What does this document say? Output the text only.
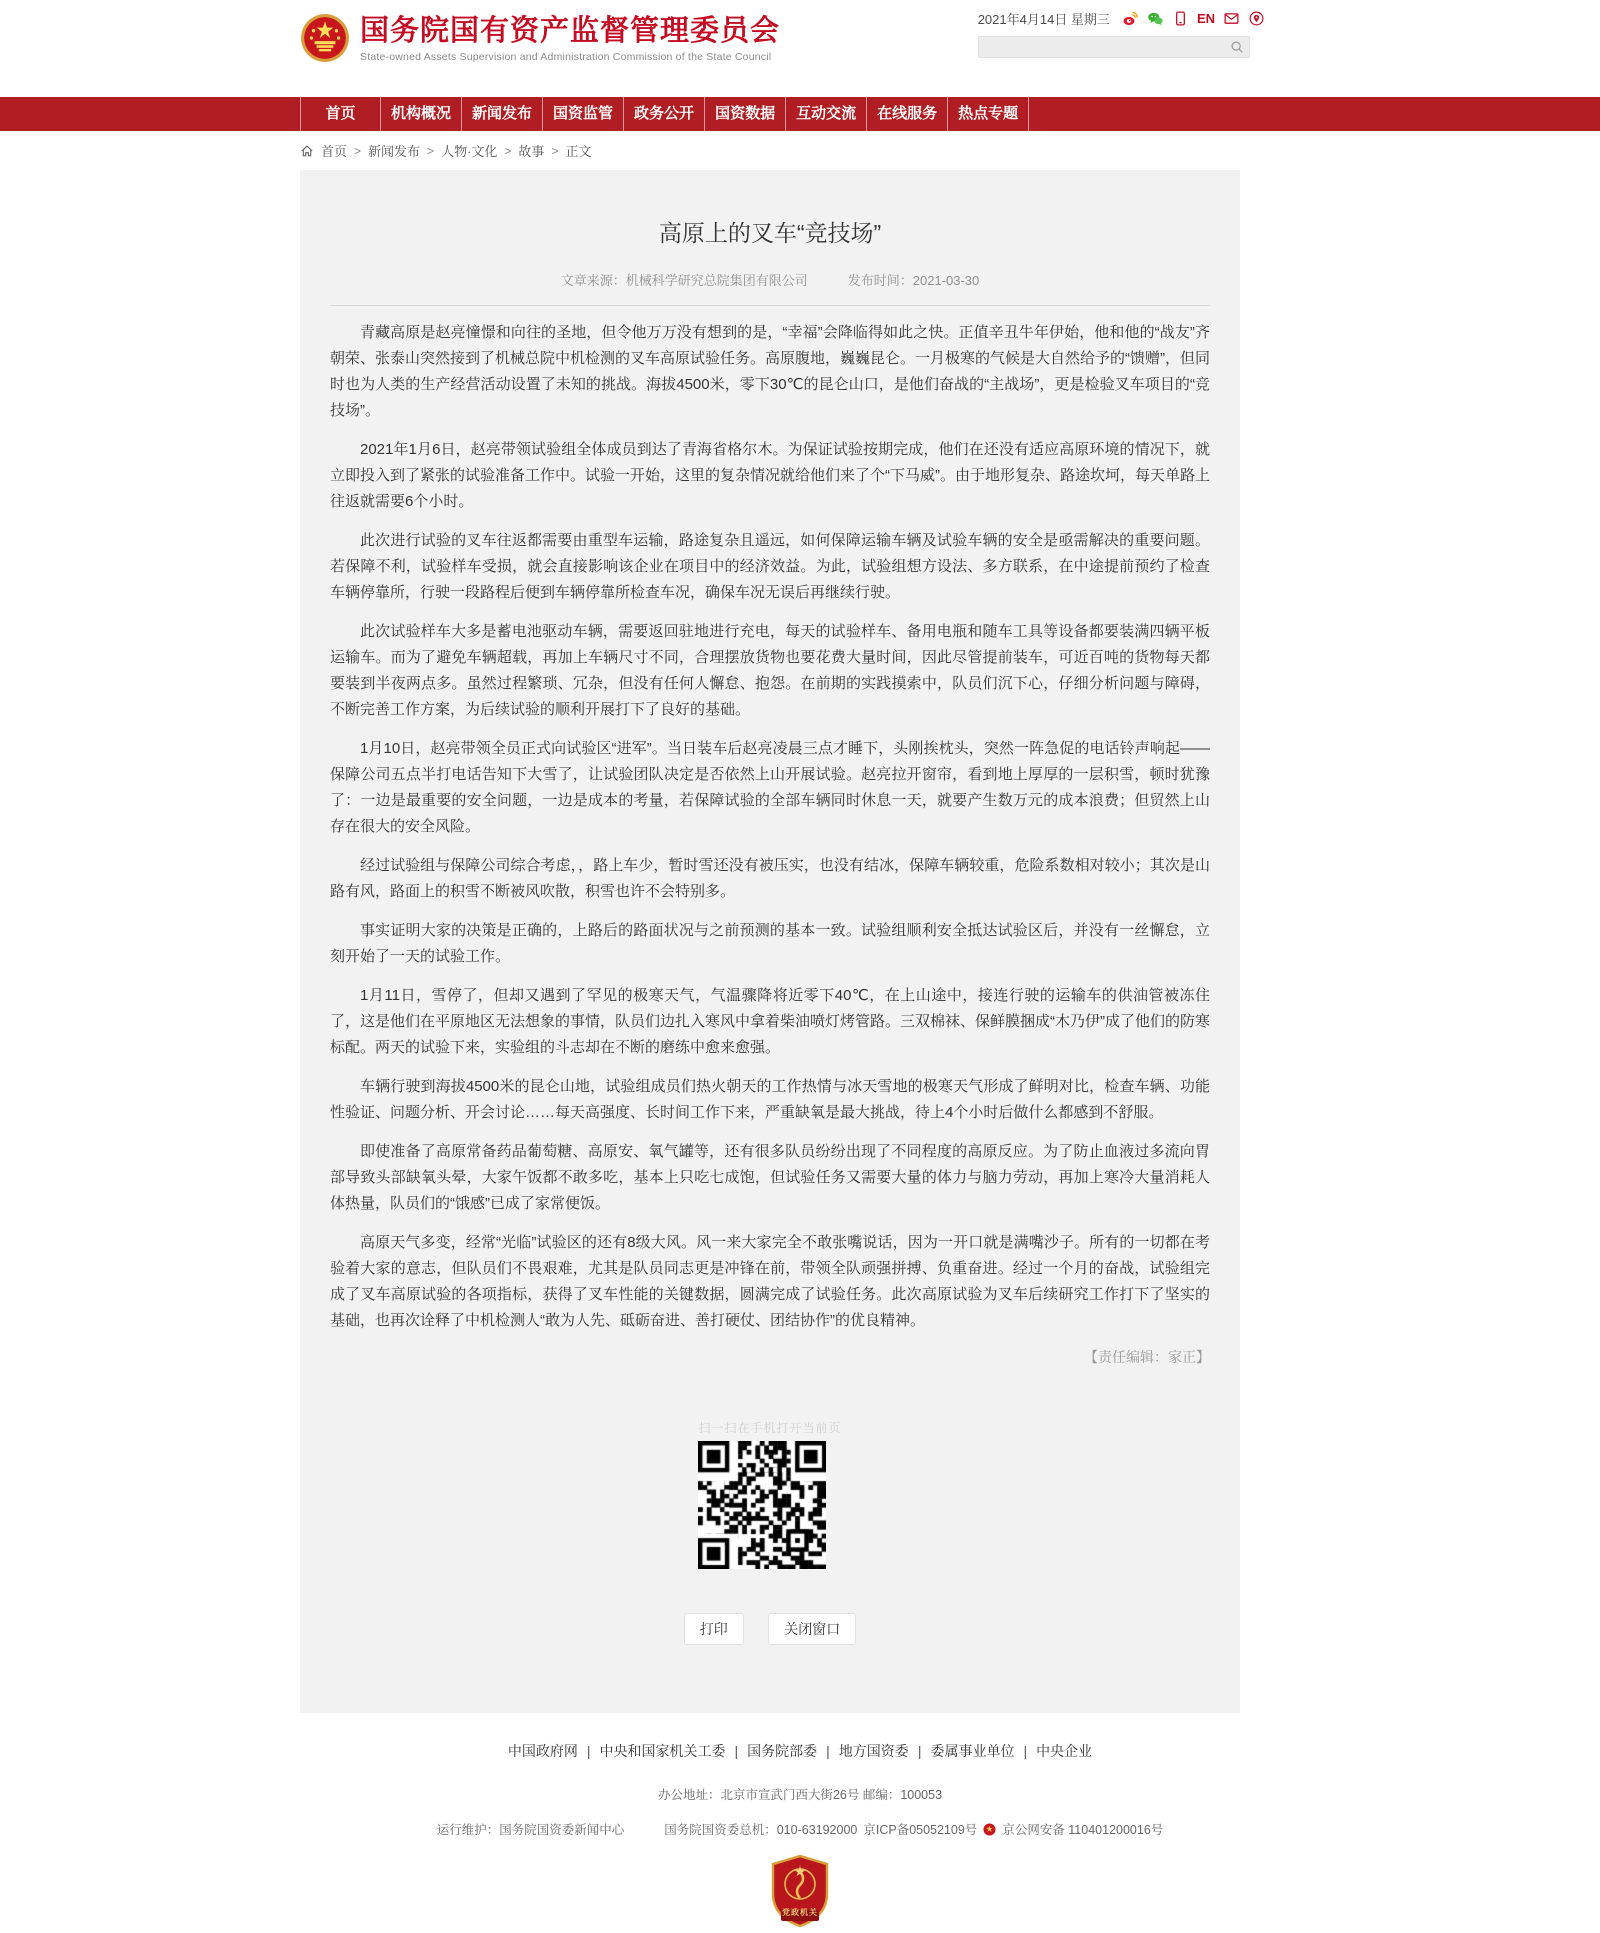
国务院国有资产监督管理委员会
State-owned Assets Supervision and Administration Commission of the State Council
2021年4月14日 星期三	EN
首页	机构概况	新闻发布	国资监管	政务公开	国资数据	互动交流	在线服务	热点专题
首页 > 新闻发布 > 人物·文化 > 故事 > 正文
高原上的叉车“竞技场”
文章来源：机械科学研究总院集团有限公司	发布时间：2021-03-30

青藏高原是赵亮憧憬和向往的圣地，但令他万万没有想到的是，“幸福”会降临得如此之快。正值辛丑牛年伊始，他和他的“战友”齐朝荣、张泰山突然接到了机械总院中机检测的叉车高原试验任务。高原腹地，巍巍昆仑。一月极寒的气候是大自然给予的“馈赠”，但同时也为人类的生产经营活动设置了未知的挑战。海拔4500米，零下30℃的昆仑山口，是他们奋战的“主战场”，更是检验叉车项目的“竞技场”。

2021年1月6日，赵亮带领试验组全体成员到达了青海省格尔木。为保证试验按期完成，他们在还没有适应高原环境的情况下，就立即投入到了紧张的试验准备工作中。试验一开始，这里的复杂情况就给他们来了个“下马威”。由于地形复杂、路途坎坷，每天单路上往返就需要6个小时。

此次进行试验的叉车往返都需要由重型车运输，路途复杂且遥远，如何保障运输车辆及试验车辆的安全是亟需解决的重要问题。若保障不利，试验样车受损，就会直接影响该企业在项目中的经济效益。为此，试验组想方设法、多方联系，在中途提前预约了检查车辆停靠所，行驶一段路程后便到车辆停靠所检查车况，确保车况无误后再继续行驶。

此次试验样车大多是蓄电池驱动车辆，需要返回驻地进行充电，每天的试验样车、备用电瓶和随车工具等设备都要装满四辆平板运输车。而为了避免车辆超载，再加上车辆尺寸不同，合理摆放货物也要花费大量时间，因此尽管提前装车，可近百吨的货物每天都要装到半夜两点多。虽然过程繁琐、冗杂，但没有任何人懈怠、抱怨。在前期的实践摸索中，队员们沉下心，仔细分析问题与障碍，不断完善工作方案，为后续试验的顺利开展打下了良好的基础。

1月10日，赵亮带领全员正式向试验区“进军”。当日装车后赵亮凌晨三点才睡下，头刚挨枕头，突然一阵急促的电话铃声响起——保障公司五点半打电话告知下大雪了，让试验团队决定是否依然上山开展试验。赵亮拉开窗帘，看到地上厚厚的一层积雪，顿时犹豫了：一边是最重要的安全问题，一边是成本的考量，若保障试验的全部车辆同时休息一天，就要产生数万元的成本浪费；但贸然上山存在很大的安全风险。

经过试验组与保障公司综合考虑，，路上车少，暂时雪还没有被压实，也没有结冰，保障车辆较重，危险系数相对较小；其次是山路有风，路面上的积雪不断被风吹散，积雪也许不会特别多。

事实证明大家的决策是正确的，上路后的路面状况与之前预测的基本一致。试验组顺利安全抵达试验区后，并没有一丝懈怠，立刻开始了一天的试验工作。

1月11日，雪停了，但却又遇到了罕见的极寒天气，气温骤降将近零下40℃，在上山途中，接连行驶的运输车的供油管被冻住了，这是他们在平原地区无法想象的事情，队员们边扎入寒风中拿着柴油喷灯烤管路。三双棉袜、保鲜膜捆成“木乃伊”成了他们的防寒标配。两天的试验下来，实验组的斗志却在不断的磨练中愈来愈强。

车辆行驶到海拔4500米的昆仑山地，试验组成员们热火朝天的工作热情与冰天雪地的极寒天气形成了鲜明对比，检查车辆、功能性验证、问题分析、开会讨论……每天高强度、长时间工作下来，严重缺氧是最大挑战，待上4个小时后做什么都感到不舒服。

即使准备了高原常备药品葡萄糖、高原安、氧气罐等，还有很多队员纷纷出现了不同程度的高原反应。为了防止血液过多流向胃部导致头部缺氧头晕，大家午饭都不敢多吃，基本上只吃七成饱，但试验任务又需要大量的体力与脑力劳动，再加上寒冷大量消耗人体热量，队员们的“饿感”已成了家常便饭。

高原天气多变，经常“光临”试验区的还有8级大风。风一来大家完全不敢张嘴说话，因为一开口就是满嘴沙子。所有的一切都在考验着大家的意志，但队员们不畏艰难，尤其是队员同志更是冲锋在前，带领全队顽强拼搏、负重奋进。经过一个月的奋战，试验组完成了叉车高原试验的各项指标，获得了叉车性能的关键数据，圆满完成了试验任务。此次高原试验为叉车后续研究工作打下了坚实的基础，也再次诠释了中机检测人“敢为人先、砥砺奋进、善打硬仗、团结协作”的优良精神。

【责任编辑：家正】
扫一扫在手机打开当前页
打印	关闭窗口
中国政府网 | 中央和国家机关工委 | 国务院部委 | 地方国资委 | 委属事业单位 | 中央企业
办公地址：北京市宣武门西大街26号 邮编：100053
运行维护：国务院国资委新闻中心	国务院国资委总机：010-63192000 京ICP备05052109号 京公网安备 110401200016号
党政机关
